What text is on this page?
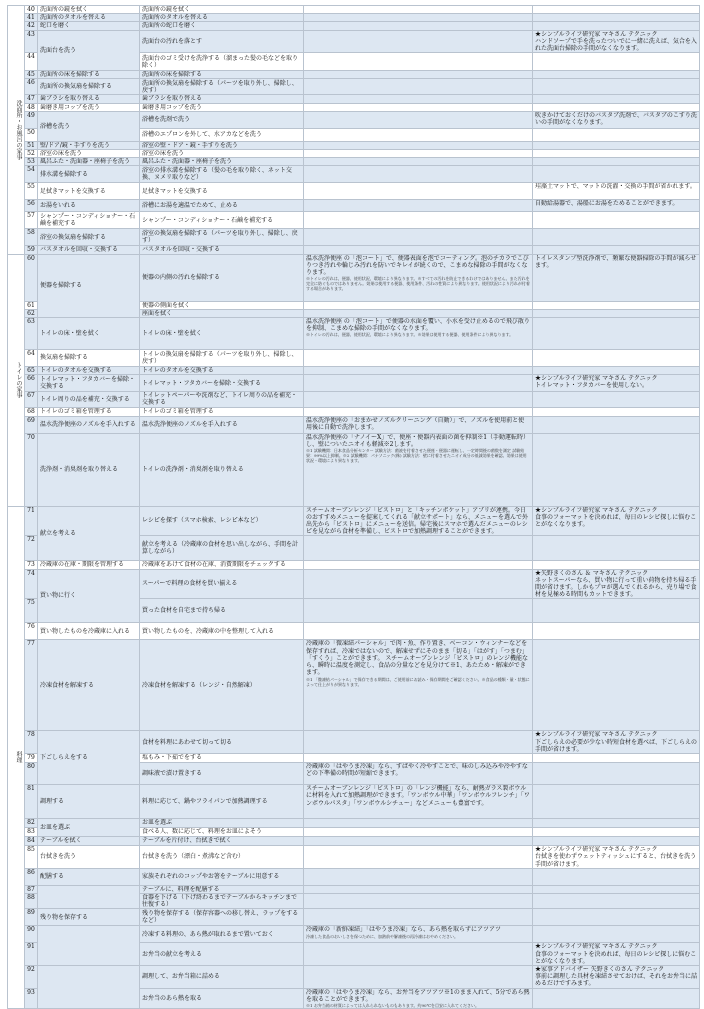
洗面所・お風呂の家事	40	洗面所の鏡を拭く	洗面所の鏡を拭く		
	41	洗面所のタオルを替える	洗面所のタオルを替える		
	42	蛇口を磨く	洗面所の蛇口を磨く		
	43	洗面台を洗う	洗面台の汚れを落とす		★シンプルライフ研究家 マキさん テクニック
ハンドソープで手を洗ったついでに一緒に洗えば、気合を入れた洗面台掃除の手間がなくなります。
	44		洗面台のゴミ受けを洗浄する（溜まった髪の毛などを取り除く）		
	45	洗面所の床を掃除する	洗面所の床を掃除する		
	46	洗面所の換気扇を掃除する	洗面所の換気扇を掃除する（パーツを取り外し、掃除し、戻す）		
	47	歯ブラシを取り替える	歯ブラシを取り替える		
	48	歯磨き用コップを洗う	歯磨き用コップを洗う		
	49	浴槽を洗う	浴槽を洗剤で洗う		吹きかけておくだけのバスタブ洗剤で、バスタブのこすり洗いの手間がなくなります。
	50		浴槽のエプロンを外して、水アカなどを洗う		
	51	壁/ドア/鏡・手すりを洗う	浴室の壁・ドア・鏡・手すりを洗う		
	52	浴室の床を洗う	浴室の床を洗う		
	53	風呂ふた・洗面器・座椅子を洗う	風呂ふた・洗面器・座椅子を洗う		
	54	排水溝を掃除する	浴室の排水溝を掃除する（髪の毛を取り除く、ネット交換、ヌメリ取りなど）		
	55	足拭きマットを交換する	足拭きマットを交換する		珪藻土マットで、マットの洗濯・交換の手間が省かれます。
	56	お湯をいれる	浴槽にお湯を適温でためて、止める		自動給湯器で、湯船にお湯をためることができます。
	57	シャンプー・コンディショナー・石鹸を補充する	シャンプー・コンディショナー・石鹸を補充する		
	58	浴室の換気扇を掃除する	浴室の換気扇を掃除する（パーツを取り外し、掃除し、戻す）		
	59	バスタオルを回収・交換する	バスタオルを回収・交換する		
トイレの家事	60	便器を掃除する	便器の内側の汚れを掃除する	温水洗浄便座 の「泡コート」で、便器表面を泡でコーティング。泡のチカラでこびりつき汚れや輪じみ汚れを防いでキレイが続くので、こまめな掃除の手間がなくなります。
※トイレの汚れは、便器、使用状況、環境により異なります。※すべての汚れを防止できるわけではありません。また汚れを完全に防ぐものではありません。効果は使用する便器、使用条件、汚れの性質により異なります。使用状況により汚れが付着する場合があります。	トイレスタンプ型洗浄剤で、頻繁な便器掃除の手間が減らせます。
	61		便器の側面を拭く		
	62		座面を拭く		
	63	トイレの床・壁を拭く	トイレの床・壁を拭く	温水洗浄便座 の「泡コート」で便器の水面を覆い、小水を受け止めるので飛び散りを抑制、こまめな掃除の手間がなくなります。
※トイレの汚れは、便器、使用状況、環境により異なります。※効果は使用する便器、使用条件により異なります。	

	64	換気扇を掃除する	トイレの換気扇を掃除する（パーツを取り外し、掃除し、戻す）		
	65	トイレのタオルを交換する	トイレのタオルを交換する		
	66	トイレマット・フタカバーを掃除・交換する	トイレマット・フタカバーを掃除・交換する		★シンプルライフ研究家 マキさん テクニック
トイレマット・フタカバーを使用しない。
	67	トイレ周りの品を補充・交換する	トイレットペーパーや洗剤など、トイレ周りの品を補充・交換する		
	68	トイレのゴミ箱を管理する	トイレのゴミ箱を管理する		
	69	温水洗浄便座のノズルを手入れする	温水洗浄便座のノズルを手入れする	温水洗浄便座の「おまかせノズルクリーニング（自動）」で、ノズルを使用前と使用後に自動で洗浄します。	
	70	洗浄剤・消臭剤を取り替える	トイレの洗浄剤・消臭剤を取り替える	温水洗浄便座の「ナノイーX」で、便座・便器内表面の菌を抑制※1（手動運転時）し、壁についたニオイも軽減※2します。
※1 試験機関：日本食品分析センター 試験方法：菌液を付着させた便座・便器に運転し、一定時間後の菌数を測定 試験結果：99%以上抑制。※2 試験機関：パナソニック(株) 試験方法：壁に付着させたニオイ成分の低減効果を確認。効果は使用状況・環境により異なります。	

料理	71	献立を考える	レシピを探す（スマホ検索、レシピ本など）	スチームオーブンレンジ「ビストロ」と「キッチンポケット」アプリが連携。今日のおすすめメニューを提案してくれる「献立サポート」なら、メニューを選んで外出先から「ビストロ」にメニューを送信。帰宅後にスマホで選んだメニューのレシピを見ながら食材を準備し、ビストロで加熱調理することができます。	★シンプルライフ研究家 マキさん テクニック
食事のフォーマットを決めれば、毎日のレシピ探しに悩むことがなくなります。
	72		献立を考える（冷蔵庫の食材を思い出しながら、手間を計算しながら）		
	73	冷蔵庫の在庫・期限を管理する	冷蔵庫をあけて食材の在庫、消費期限をチェックする		
	74	買い物に行く	スーパーで料理の食材を買い揃える		★矢野きくのさん ＆ マキさん テクニック
ネットスーパーなら、買い物に行って重い荷物を持ち帰る手間が省けます。しかもプロが選んでくれるから、売り場で食材を見極める時間もカットできます。
	75		買った食材を自宅まで持ち帰る		
	76	買い物したものを冷蔵庫に入れる	買い物したものを、冷蔵庫の中を整理して入れる		
	77	冷凍食材を解凍する	冷凍食材を解凍する（レンジ・自然解凍）	冷蔵庫の「微凍結パーシャル」で肉・魚、作り置き、ベーコン・ウィンナーなどを保存すれば、冷凍ではないので、解凍せずにそのまま「切る」「はがす」「つまむ」「すくう」ことができます。 スチームオーブンレンジ「ビストロ」のレンジ機能なら、瞬時に温度を測定し、食品の分量などを見分けて※1、あたため・解凍ができます。
※1 「微凍結パーシャル」で保存できる期間は、ご使用前にお読み・保存期間をご確認ください。※食品の種類・量・状態によって仕上がりが異なります。	

	78	下ごしらえをする	食材を料理にあわせて切って切る		★シンプルライフ研究家 マキさん テクニック
下ごしらえの必要が少ない時短食材を選べば、下ごしらえの手間が省けます。
	79		塩もみ・下茹でをする		
	80		調味液で漬け置きする	冷蔵庫の「はやうま冷凍」なら、すばやく冷やすことで、味のしみ込みや冷やすなどの下準備の時間が短縮できます。	
	81	調理する	料理に応じて、鍋やフライパンで加熱調理する	スチームオーブンレンジ「ビストロ」の「レンジ機能」なら、耐熱ガラス製ボウルに材料を入れて加熱調理ができます。「ワンボウル中華」「ワンボウルフレンチ」「ワンボウルパスタ」「ワンボウルシチュー」などメニューも豊富です。	
	82	お皿を選ぶ	お皿を選ぶ		
	83		食べる人、数に応じて、料理をお皿によそう		
	84	テーブルを拭く	テーブルを片付け、台拭きで拭く		
	85	台拭きを洗う	台拭きを洗う（漂白・煮沸など含む）		★シンプルライフ研究家 マキさん テクニック
台拭きを使わずウェットティッシュにすると、台拭きを洗う手間が省けます。
	86	配膳する	家族それぞれのコップやお箸をテーブルに用意する		
	87		テーブルに、料理を配膳する		
	88		食器を下げる（下げ終わるまでテーブルからキッチンまで往復する）		
	89	残り物を保存する	残り物を保存する（保存容器への移し替え、ラップをするなど）		
	90		冷凍する料理の、あら熱が取れるまで置いておく	冷蔵庫の「新鮮凍結」「はやうま冷凍」なら、あら熱を取らずにアツアツ
冷凍した食品のおいしさを保つために、加熱前や解凍後の再冷凍はおやめください。	

	91		お弁当の献立を考える		★シンプルライフ研究家 マキさん テクニック
食事のフォーマットを決めれば、毎日のレシピ探しに悩むことがなくなります。
	92		調理して、お弁当箱に詰める		★家事アドバイザー 矢野きくのさん テクニック
事前に調理した具材を凍結させておけば、それをお弁当に詰めるだけですみます。
	93		お弁当のあら熱を取る	冷蔵庫の「はやうま冷凍」なら、お弁当をアツアツ※1のまま入れて、5分であら熱を取ることができます。
※1 お弁当箱の材質によっては入れられないものもあります。約90℃を目安に入れてください。	
